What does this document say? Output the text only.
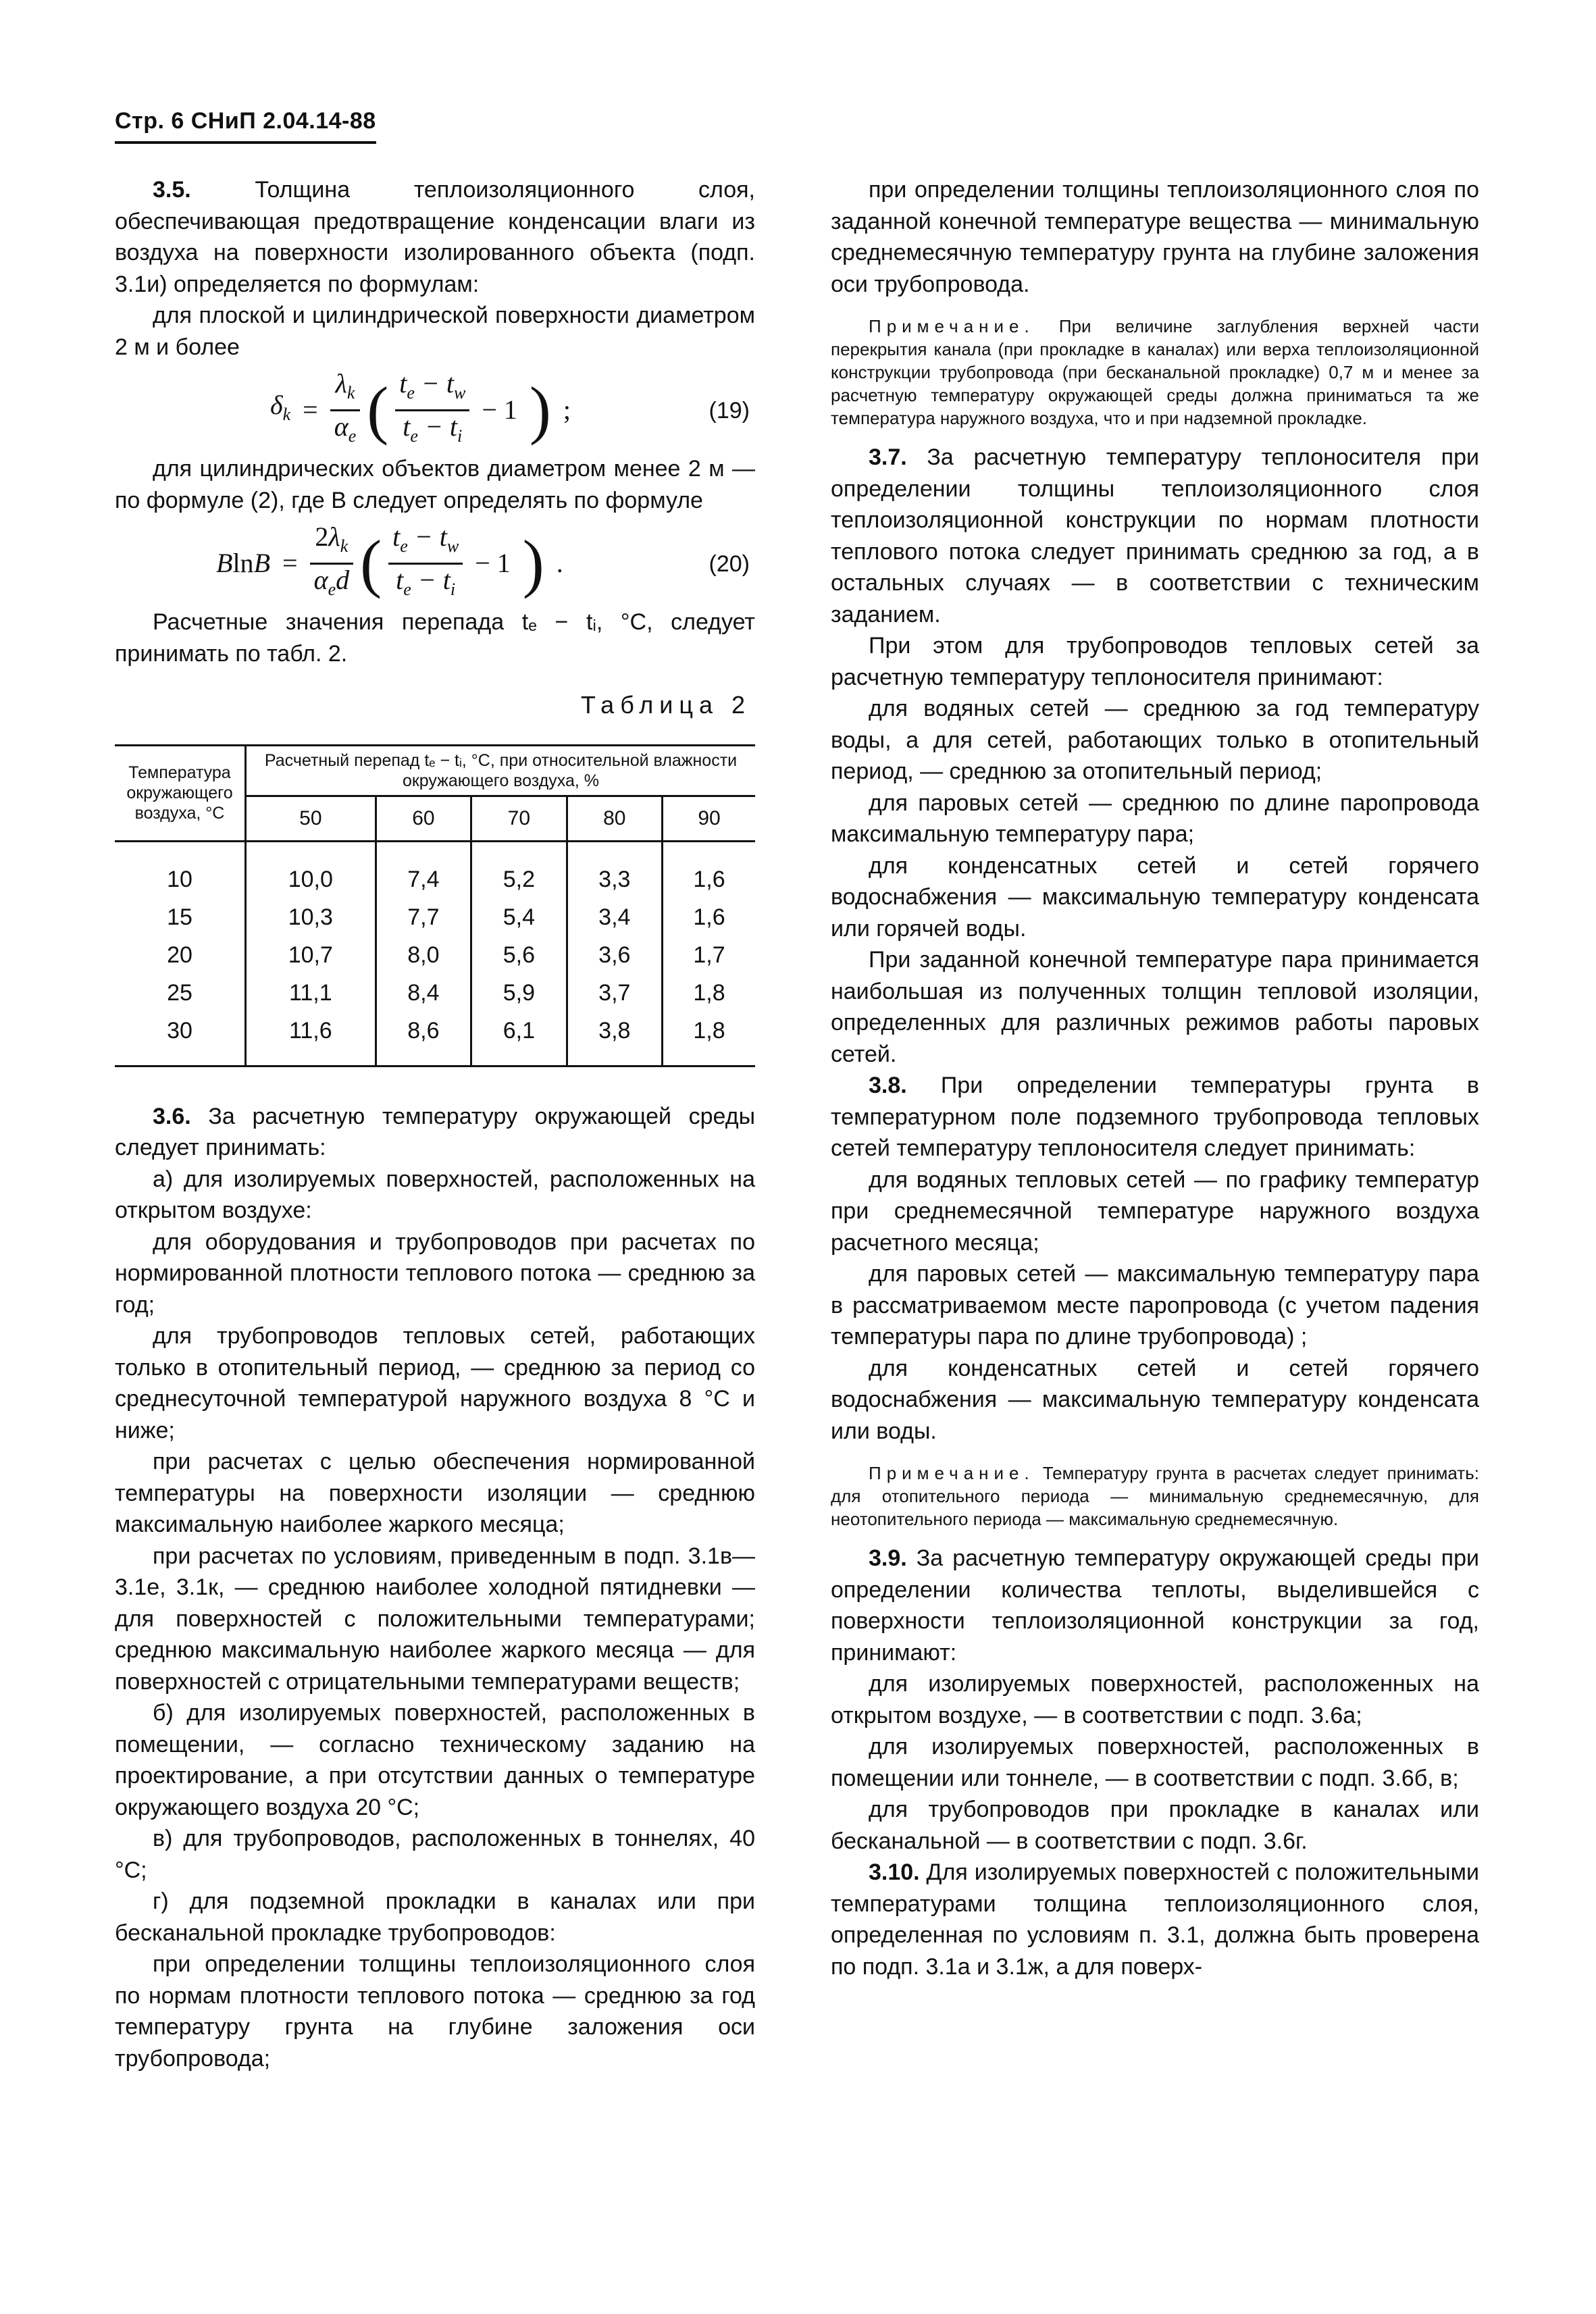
Стр. 6 СНиП 2.04.14-88

3.5. Толщина теплоизоляционного слоя, обеспечивающая предотвращение конденсации влаги из воздуха на поверхности изолированного объекта (подп. 3.1и) определяется по формулам:

для плоской и цилиндрической поверхности диаметром 2 м и более

$\delta_k = \frac{\lambda_k}{\alpha_e}$ ( $\frac{t_e - t_w}{t_e - t_i} - 1$ ) ;	(19)

для цилиндрических объектов диаметром менее 2 м — по формуле (2), где B следует определять по формуле

$BlnB = \frac{2\lambda_k}{\alpha_ed}$ ( $\frac{t_e - t_w}{t_e - t_i} - 1$ ) .	(20)

Расчетные значения перепада tₑ − tᵢ, °С, следует принимать по табл. 2.

Таблица 2

Температура окружающего воздуха, °С	Расчетный перепад tₑ − tᵢ, °С, при относительной влажности окружающего воздуха, %				
	50	60	70	80	90
10	10,0	7,4	5,2	3,3	1,6
15	10,3	7,7	5,4	3,4	1,6
20	10,7	8,0	5,6	3,6	1,7
25	11,1	8,4	5,9	3,7	1,8
30	11,6	8,6	6,1	3,8	1,8

3.6. За расчетную температуру окружающей среды следует принимать:

а) для изолируемых поверхностей, расположенных на открытом воздухе:

для оборудования и трубопроводов при расчетах по нормированной плотности теплового потока — среднюю за год;

для трубопроводов тепловых сетей, работающих только в отопительный период, — среднюю за период со среднесуточной температурой наружного воздуха 8 °С и ниже;

при расчетах с целью обеспечения нормированной температуры на поверхности изоляции — среднюю максимальную наиболее жаркого месяца;

при расчетах по условиям, приведенным в подп. 3.1в—3.1е, 3.1к, — среднюю наиболее холодной пятидневки — для поверхностей с положительными температурами; среднюю максимальную наиболее жаркого месяца — для поверхностей с отрицательными температурами веществ;

б) для изолируемых поверхностей, расположенных в помещении, — согласно техническому заданию на проектирование, а при отсутствии данных о температуре окружающего воздуха 20 °С;

в) для трубопроводов, расположенных в тоннелях, 40 °С;

г) для подземной прокладки в каналах или при бесканальной прокладке трубопроводов:

при определении толщины теплоизоляционного слоя по нормам плотности теплового потока — среднюю за год температуру грунта на глубине заложения оси трубопровода;

при определении толщины теплоизоляционного слоя по заданной конечной температуре вещества — минимальную среднемесячную температуру грунта на глубине заложения оси трубопровода.

Примечание. При величине заглубления верхней части перекрытия канала (при прокладке в каналах) или верха теплоизоляционной конструкции трубопровода (при бесканальной прокладке) 0,7 м и менее за расчетную температуру окружающей среды должна приниматься та же температура наружного воздуха, что и при надземной прокладке.

3.7. За расчетную температуру теплоносителя при определении толщины теплоизоляционного слоя теплоизоляционной конструкции по нормам плотности теплового потока следует принимать среднюю за год, а в остальных случаях — в соответствии с техническим заданием.

При этом для трубопроводов тепловых сетей за расчетную температуру теплоносителя принимают:

для водяных сетей — среднюю за год температуру воды, а для сетей, работающих только в отопительный период, — среднюю за отопительный период;

для паровых сетей — среднюю по длине паропровода максимальную температуру пара;

для конденсатных сетей и сетей горячего водоснабжения — максимальную температуру конденсата или горячей воды.

При заданной конечной температуре пара принимается наибольшая из полученных толщин тепловой изоляции, определенных для различных режимов работы паровых сетей.

3.8. При определении температуры грунта в температурном поле подземного трубопровода тепловых сетей температуру теплоносителя следует принимать:

для водяных тепловых сетей — по графику температур при среднемесячной температуре наружного воздуха расчетного месяца;

для паровых сетей — максимальную температуру пара в рассматриваемом месте паропровода (с учетом падения температуры пара по длине трубопровода) ;

для конденсатных сетей и сетей горячего водоснабжения — максимальную температуру конденсата или воды.

Примечание. Температуру грунта в расчетах следует принимать: для отопительного периода — минимальную среднемесячную, для неотопительного периода — максимальную среднемесячную.

3.9. За расчетную температуру окружающей среды при определении количества теплоты, выделившейся с поверхности теплоизоляционной конструкции за год, принимают:

для изолируемых поверхностей, расположенных на открытом воздухе, — в соответствии с подп. 3.6а;

для изолируемых поверхностей, расположенных в помещении или тоннеле, — в соответствии с подп. 3.6б, в;

для трубопроводов при прокладке в каналах или бесканальной — в соответствии с подп. 3.6г.

3.10. Для изолируемых поверхностей с положительными температурами толщина теплоизоляционного слоя, определенная по условиям п. 3.1, должна быть проверена по подп. 3.1а и 3.1ж, а для поверх-
